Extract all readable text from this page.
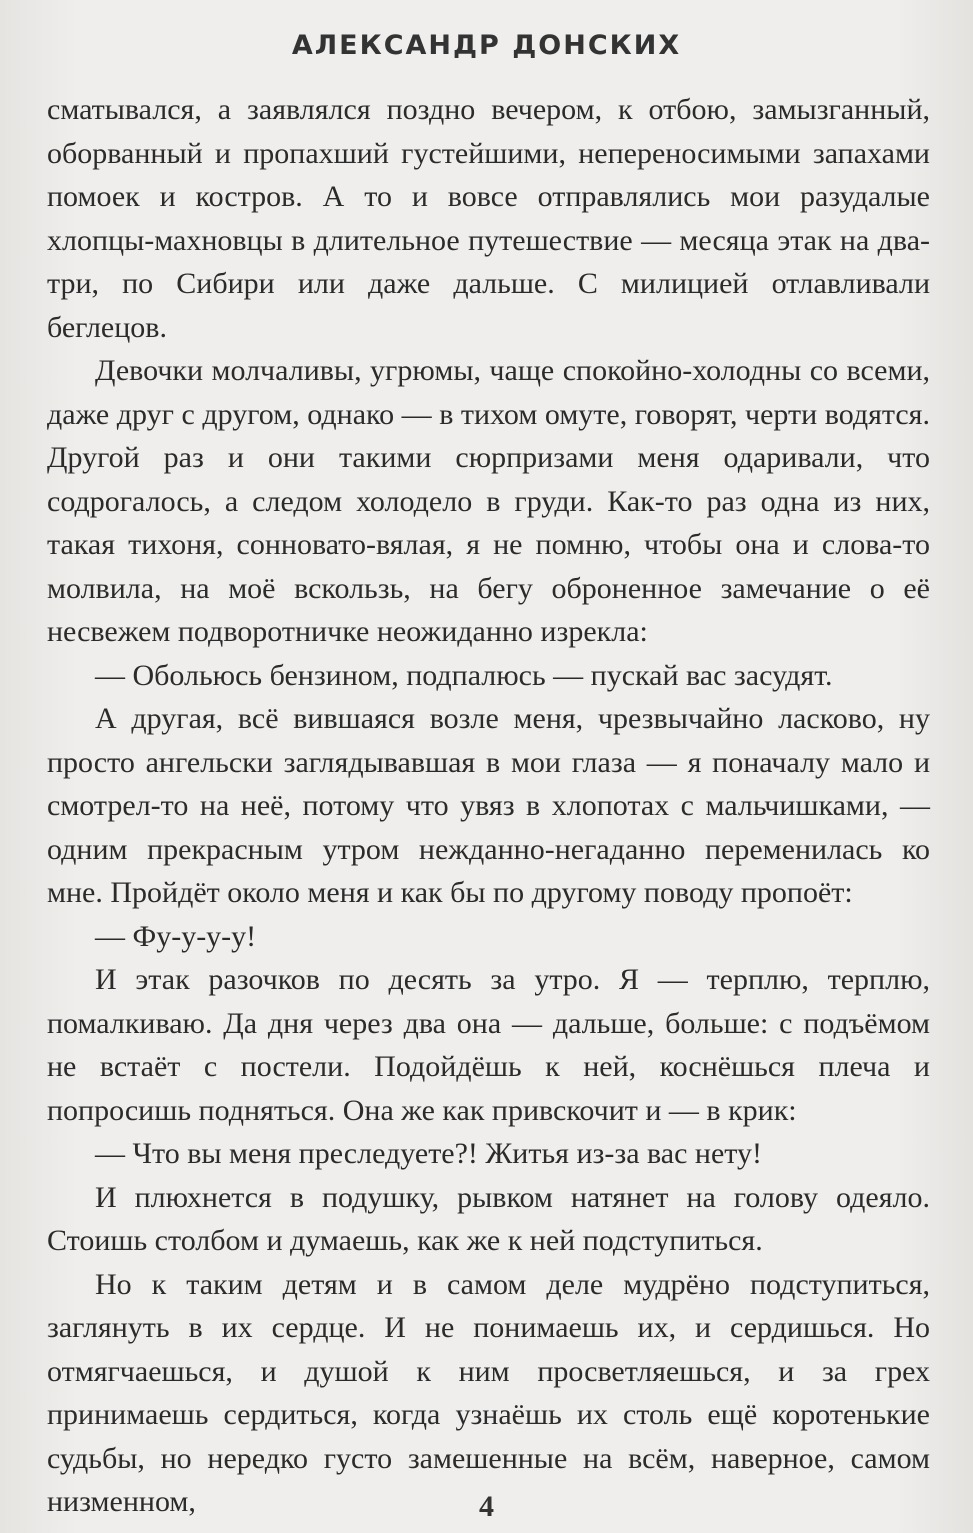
АЛЕКСАНДР ДОНСКИХ

сматывался, а заявлялся поздно вечером, к отбою, замызганный, оборванный и пропахший густейшими, непереносимыми запахами помоек и костров. А то и вовсе отправлялись мои разудалые хлопцы-махновцы в длительное путешествие — месяца этак на два-три, по Сибири или даже дальше. С милицией отлавливали беглецов.

Девочки молчаливы, угрюмы, чаще спокойно-холодны со всеми, даже друг с другом, однако — в тихом омуте, говорят, черти водятся. Другой раз и они такими сюрпризами меня одаривали, что содрогалось, а следом холодело в груди. Как-то раз одна из них, такая тихоня, сонновато-вялая, я не помню, чтобы она и слова-то молвила, на моё вскользь, на бегу оброненное замечание о её несвежем подворотничке неожиданно изрекла:

— Обольюсь бензином, подпалюсь — пускай вас засудят.

А другая, всё вившаяся возле меня, чрезвычайно ласково, ну просто ангельски заглядывавшая в мои глаза — я поначалу мало и смотрел-то на неё, потому что увяз в хлопотах с мальчишками, — одним прекрасным утром нежданно-негаданно переменилась ко мне. Пройдёт около меня и как бы по другому поводу пропоёт:

— Фу-у-у-у!

И этак разочков по десять за утро. Я — терплю, терплю, помалкиваю. Да дня через два она — дальше, больше: с подъёмом не встаёт с постели. Подойдёшь к ней, коснёшься плеча и попросишь подняться. Она же как привскочит и — в крик:

— Что вы меня преследуете?! Житья из-за вас нету!

И плюхнется в подушку, рывком натянет на голову одеяло. Стоишь столбом и думаешь, как же к ней подступиться.

Но к таким детям и в самом деле мудрёно подступиться, заглянуть в их сердце. И не понимаешь их, и сердишься. Но отмягчаешься, и душой к ним просветляешься, и за грех принимаешь сердиться, когда узнаёшь их столь ещё коротенькие судьбы, но нередко густо замешенные на всём, наверное, самом низменном,	4
